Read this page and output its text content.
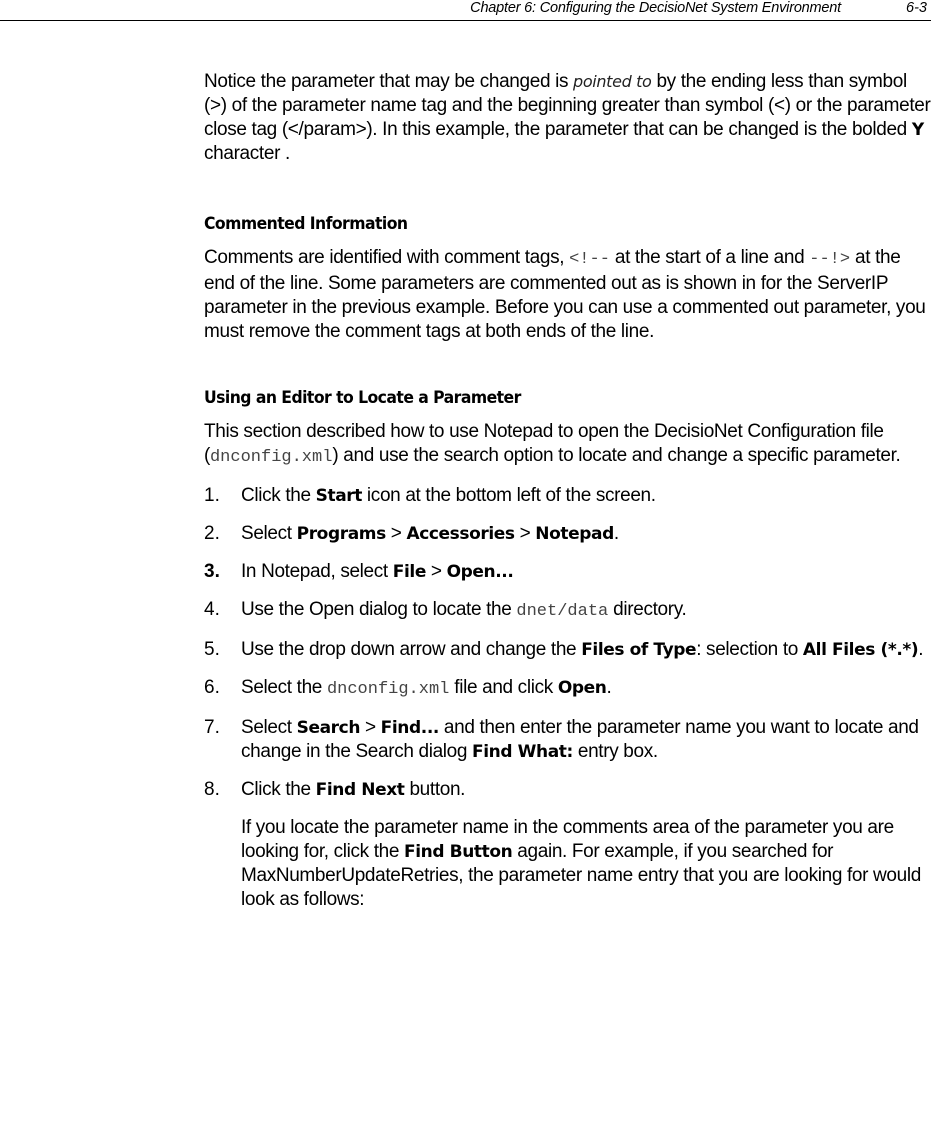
Chapter 6: Configuring the DecisioNet System Environment	6-3

Notice the parameter that may be changed is pointed to by the ending less than symbol (>) of the parameter name tag and the beginning greater than symbol (<) or the parameter close tag (</param>). In this example, the parameter that can be changed is the bolded Y character .

Commented Information

Comments are identified with comment tags, <!-- at the start of a line and --!> at the end of the line. Some parameters are commented out as is shown in for the ServerIP parameter in the previous example. Before you can use a commented out parameter, you must remove the comment tags at both ends of the line.

Using an Editor to Locate a Parameter

This section described how to use Notepad to open the DecisioNet Configuration file (dnconfig.xml) and use the search option to locate and change a specific parameter.

1. Click the Start icon at the bottom left of the screen.
2. Select Programs > Accessories > Notepad.
3. In Notepad, select File > Open...
4. Use the Open dialog to locate the dnet/data directory.
5. Use the drop down arrow and change the Files of Type: selection to All Files (*.*).
6. Select the dnconfig.xml file and click Open.
7. Select Search > Find... and then enter the parameter name you want to locate and change in the Search dialog Find What: entry box.
8. Click the Find Next button.

If you locate the parameter name in the comments area of the parameter you are looking for, click the Find Button again. For example, if you searched for MaxNumberUpdateRetries, the parameter name entry that you are looking for would look as follows:
